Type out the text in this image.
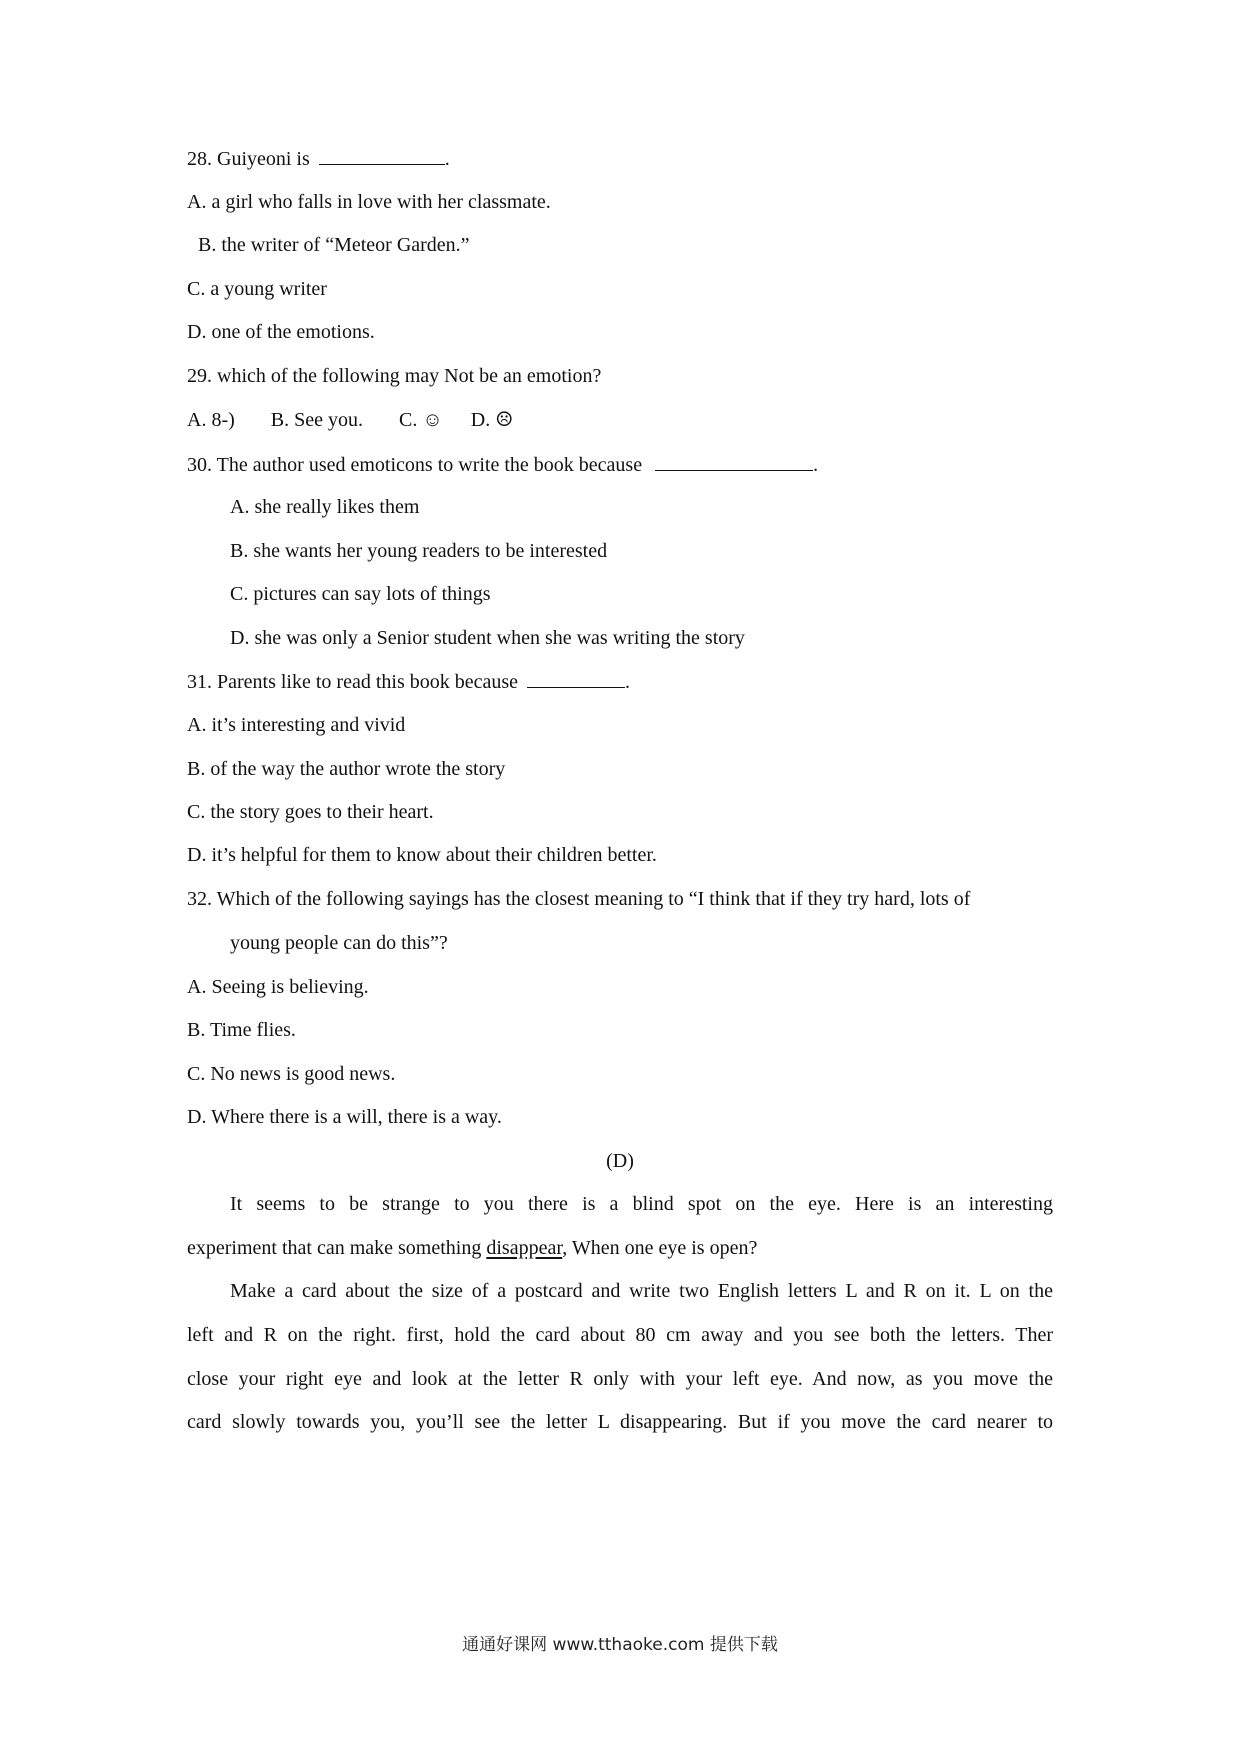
28. Guiyeoni is	.
A. a girl who falls in love with her classmate.
B. the writer of “Meteor Garden.”
C. a young writer
D. one of the emotions.
29. which of the following may Not be an emotion?
A. 8-) B. See you. C. ☺ D. ☹
30. The author used emoticons to write the book because	.
A. she really likes them
B. she wants her young readers to be interested
C. pictures can say lots of things
D. she was only a Senior student when she was writing the story
31. Parents like to read this book because	.
A. it’s interesting and vivid
B. of the way the author wrote the story
C. the story goes to their heart.
D. it’s helpful for them to know about their children better.
32. Which of the following sayings has the closest meaning to “I think that if they try hard, lots of
young people can do this”?
A. Seeing is believing.
B. Time flies.
C. No news is good news.
D. Where there is a will, there is a way.
(D)
It seems to be strange to you there is a blind spot on the eye. Here is an interesting
experiment that can make something disappear, When one eye is open?
Make a card about the size of a postcard and write two English letters L and R on it. L on the
left and R on the right. first, hold the card about 80 cm away and you see both the letters. Ther
close your right eye and look at the letter R only with your left eye. And now, as you move the
card slowly towards you, you’ll see the letter L disappearing. But if you move the card nearer to
通通好课网 www.tthaoke.com 提供下载
